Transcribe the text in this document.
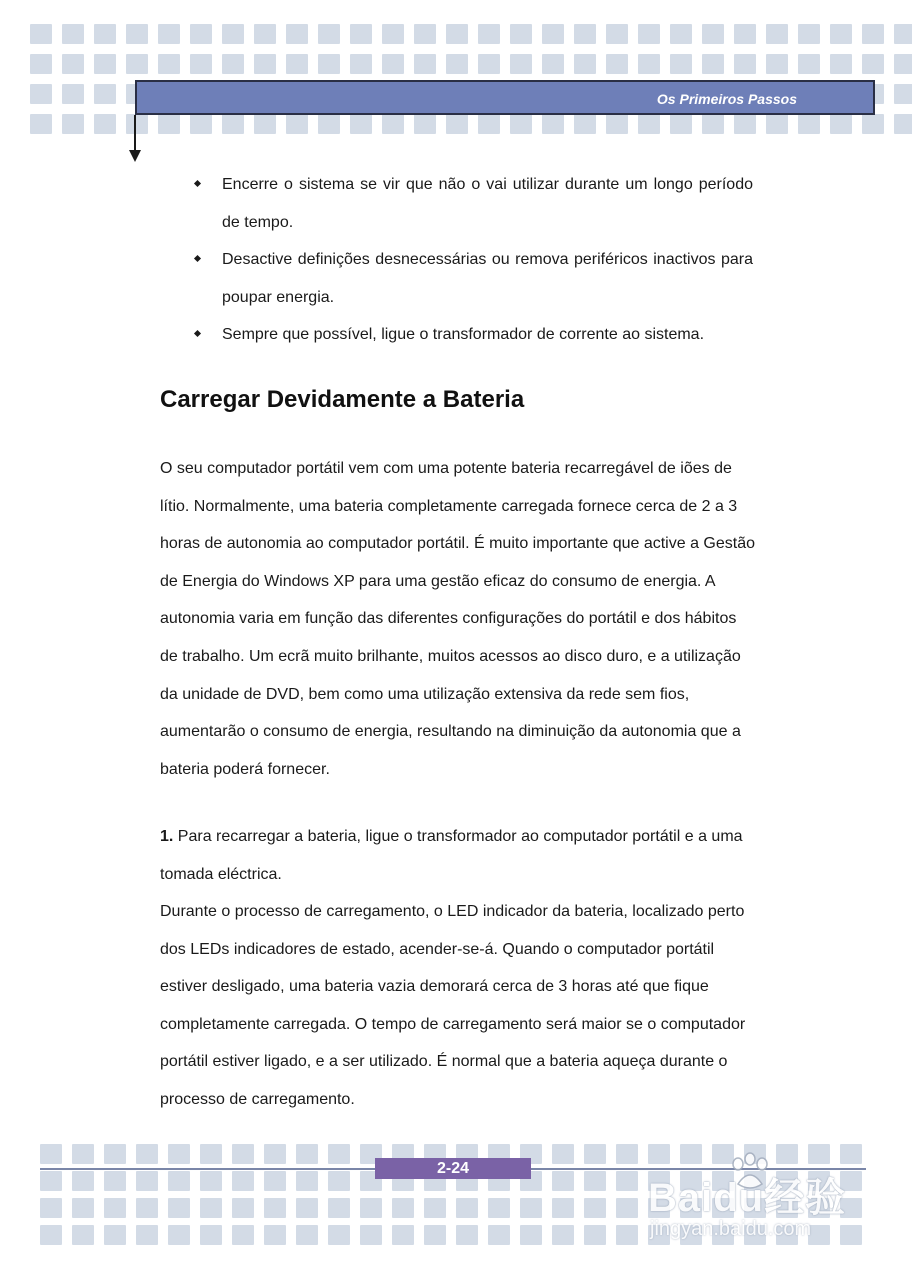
Os Primeiros Passos
Encerre o sistema se vir que não o vai utilizar durante um longo período de tempo.
Desactive definições desnecessárias ou remova periféricos inactivos para poupar energia.
Sempre que possível, ligue o transformador de corrente ao sistema.
Carregar Devidamente a Bateria

O seu computador portátil vem com uma potente bateria recarregável de iões de lítio. Normalmente, uma bateria completamente carregada fornece cerca de 2 a 3 horas de autonomia ao computador portátil. É muito importante que active a Gestão de Energia do Windows XP para uma gestão eficaz do consumo de energia. A autonomia varia em função das diferentes configurações do portátil e dos hábitos de trabalho. Um ecrã muito brilhante, muitos acessos ao disco duro, e a utilização da unidade de DVD, bem como uma utilização extensiva da rede sem fios, aumentarão o consumo de energia, resultando na diminuição da autonomia que a bateria poderá fornecer.

1. Para recarregar a bateria, ligue o transformador ao computador portátil e a uma tomada eléctrica.

Durante o processo de carregamento, o LED indicador da bateria, localizado perto dos LEDs indicadores de estado, acender-se-á. Quando o computador portátil estiver desligado, uma bateria vazia demorará cerca de 3 horas até que fique completamente carregada. O tempo de carregamento será maior se o computador portátil estiver ligado, e a ser utilizado. É normal que a bateria aqueça durante o processo de carregamento.

2-24
Baidu经验
jingyan.baidu.com
